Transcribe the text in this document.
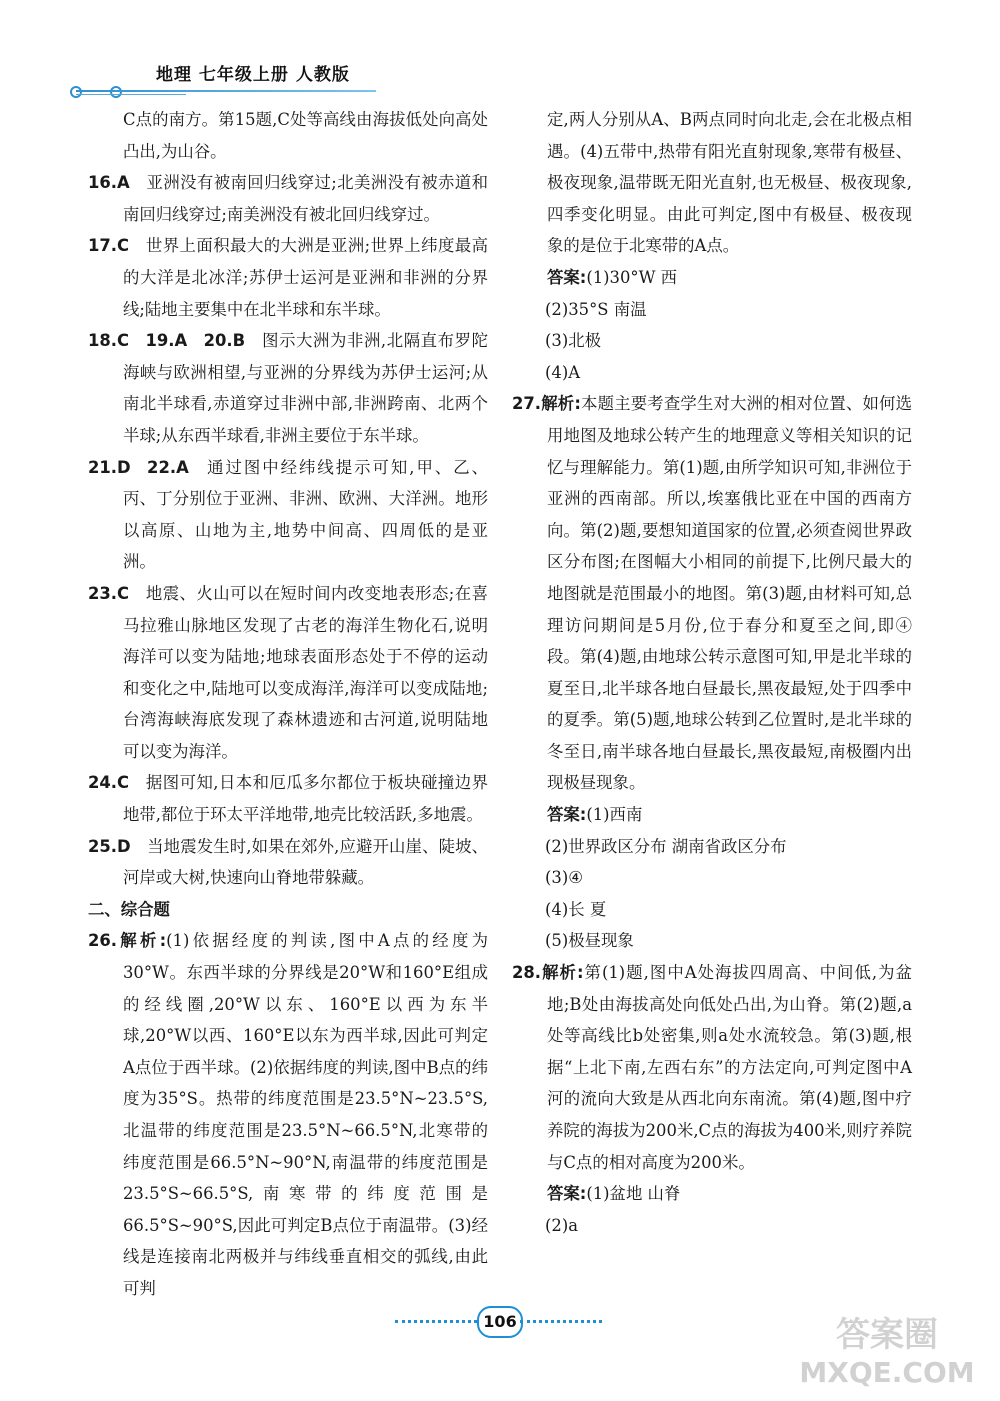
地理 七年级上册 人教版

C点的南方。第15题,C处等高线由海拔低处向高处凸出,为山谷。

16.A  亚洲没有被南回归线穿过;北美洲没有被赤道和南回归线穿过;南美洲没有被北回归线穿过。

17.C  世界上面积最大的大洲是亚洲;世界上纬度最高的大洋是北冰洋;苏伊士运河是亚洲和非洲的分界线;陆地主要集中在北半球和东半球。

18.C  19.A  20.B  图示大洲为非洲,北隔直布罗陀海峡与欧洲相望,与亚洲的分界线为苏伊士运河;从南北半球看,赤道穿过非洲中部,非洲跨南、北两个半球;从东西半球看,非洲主要位于东半球。

21.D  22.A  通过图中经纬线提示可知,甲、乙、丙、丁分别位于亚洲、非洲、欧洲、大洋洲。地形以高原、山地为主,地势中间高、四周低的是亚洲。

23.C  地震、火山可以在短时间内改变地表形态;在喜马拉雅山脉地区发现了古老的海洋生物化石,说明海洋可以变为陆地;地球表面形态处于不停的运动和变化之中,陆地可以变成海洋,海洋可以变成陆地;台湾海峡海底发现了森林遗迹和古河道,说明陆地可以变为海洋。

24.C  据图可知,日本和厄瓜多尔都位于板块碰撞边界地带,都位于环太平洋地带,地壳比较活跃,多地震。

25.D  当地震发生时,如果在郊外,应避开山崖、陡坡、河岸或大树,快速向山脊地带躲藏。

二、综合题

26.解析:(1)依据经度的判读,图中A点的经度为30°W。东西半球的分界线是20°W和160°E组成的经线圈,20°W以东、160°E以西为东半球,20°W以西、160°E以东为西半球,因此可判定A点位于西半球。(2)依据纬度的判读,图中B点的纬度为35°S。热带的纬度范围是23.5°N~23.5°S,北温带的纬度范围是23.5°N~66.5°N,北寒带的纬度范围是66.5°N~90°N,南温带的纬度范围是23.5°S~66.5°S,南寒带的纬度范围是66.5°S~90°S,因此可判定B点位于南温带。(3)经线是连接南北两极并与纬线垂直相交的弧线,由此可判

定,两人分别从A、B两点同时向北走,会在北极点相遇。(4)五带中,热带有阳光直射现象,寒带有极昼、极夜现象,温带既无阳光直射,也无极昼、极夜现象,四季变化明显。由此可判定,图中有极昼、极夜现象的是位于北寒带的A点。

答案:(1)30°W 西

(2)35°S 南温

(3)北极

(4)A

27.解析:本题主要考查学生对大洲的相对位置、如何选用地图及地球公转产生的地理意义等相关知识的记忆与理解能力。第(1)题,由所学知识可知,非洲位于亚洲的西南部。所以,埃塞俄比亚在中国的西南方向。第(2)题,要想知道国家的位置,必须查阅世界政区分布图;在图幅大小相同的前提下,比例尺最大的地图就是范围最小的地图。第(3)题,由材料可知,总理访问期间是5月份,位于春分和夏至之间,即④段。第(4)题,由地球公转示意图可知,甲是北半球的夏至日,北半球各地白昼最长,黑夜最短,处于四季中的夏季。第(5)题,地球公转到乙位置时,是北半球的冬至日,南半球各地白昼最长,黑夜最短,南极圈内出现极昼现象。

答案:(1)西南

(2)世界政区分布 湖南省政区分布

(3)④

(4)长 夏

(5)极昼现象

28.解析:第(1)题,图中A处海拔四周高、中间低,为盆地;B处由海拔高处向低处凸出,为山脊。第(2)题,a处等高线比b处密集,则a处水流较急。第(3)题,根据“上北下南,左西右东”的方法定向,可判定图中A河的流向大致是从西北向东南流。第(4)题,图中疗养院的海拔为200米,C点的海拔为400米,则疗养院与C点的相对高度为200米。

答案:(1)盆地 山脊

(2)a

106	答案圈
MXQE.COM
